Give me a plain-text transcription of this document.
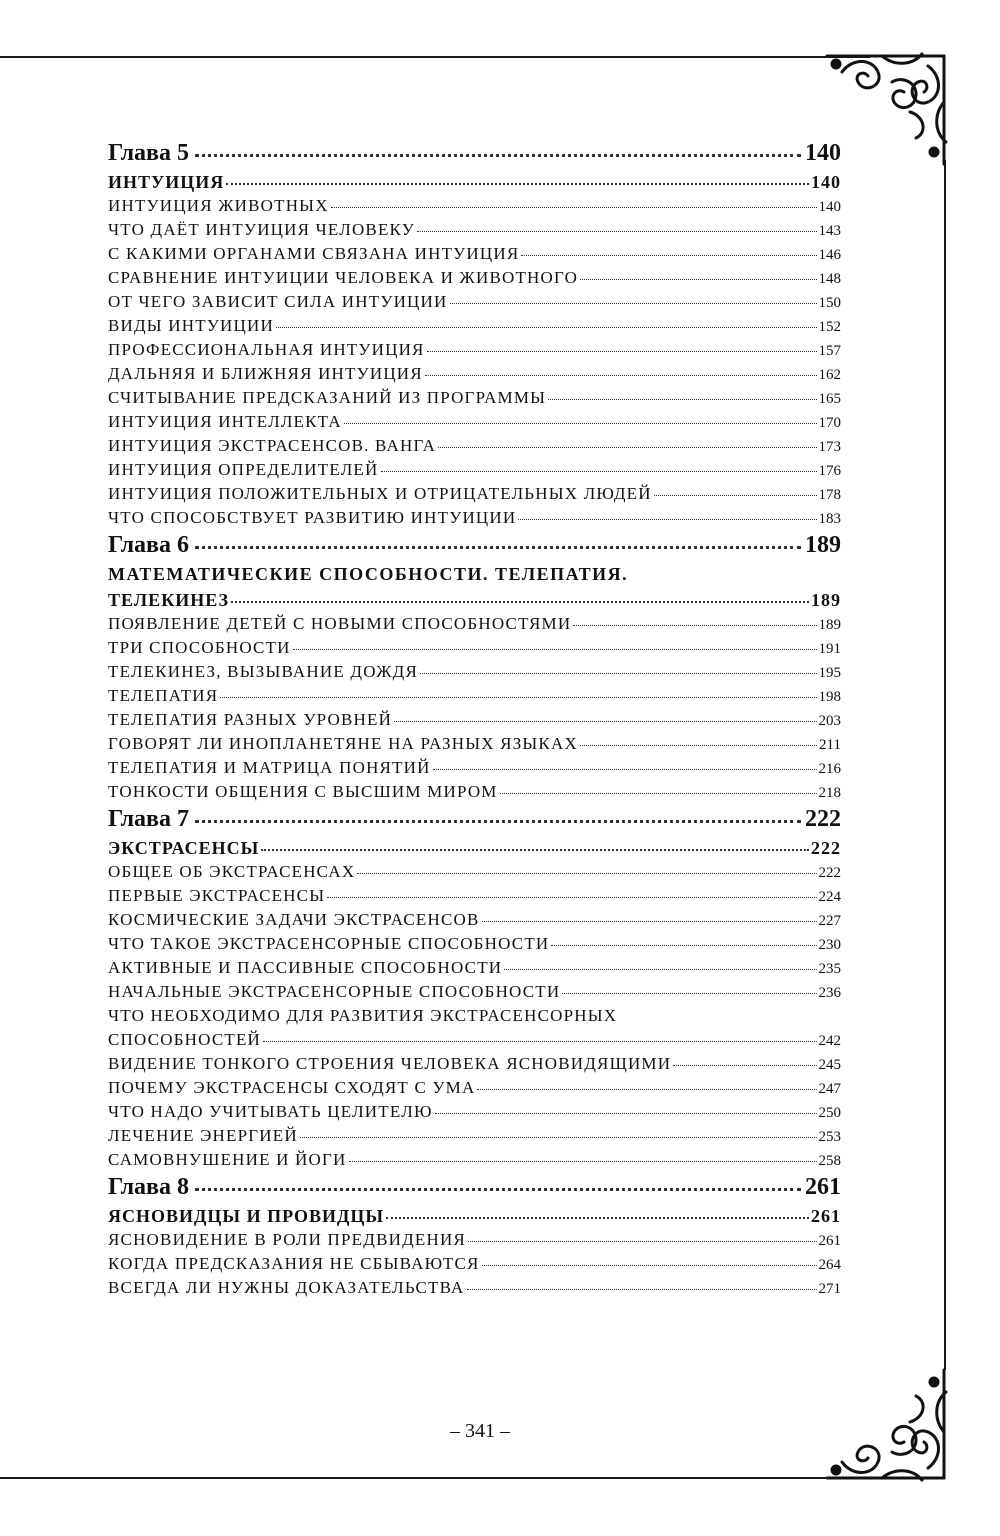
Глава 5	140
ИНТУИЦИЯ	140
ИНТУИЦИЯ ЖИВОТНЫХ	140
ЧТО ДАЁТ ИНТУИЦИЯ ЧЕЛОВЕКУ	143
С КАКИМИ ОРГАНАМИ СВЯЗАНА ИНТУИЦИЯ	146
СРАВНЕНИЕ ИНТУИЦИИ ЧЕЛОВЕКА И ЖИВОТНОГО	148
ОТ ЧЕГО ЗАВИСИТ СИЛА ИНТУИЦИИ	150
ВИДЫ ИНТУИЦИИ	152
ПРОФЕССИОНАЛЬНАЯ ИНТУИЦИЯ	157
ДАЛЬНЯЯ И БЛИЖНЯЯ ИНТУИЦИЯ	162
СЧИТЫВАНИЕ ПРЕДСКАЗАНИЙ ИЗ ПРОГРАММЫ	165
ИНТУИЦИЯ ИНТЕЛЛЕКТА	170
ИНТУИЦИЯ ЭКСТРАСЕНСОВ. ВАНГА	173
ИНТУИЦИЯ ОПРЕДЕЛИТЕЛЕЙ	176
ИНТУИЦИЯ ПОЛОЖИТЕЛЬНЫХ И ОТРИЦАТЕЛЬНЫХ ЛЮДЕЙ	178
ЧТО СПОСОБСТВУЕТ РАЗВИТИЮ ИНТУИЦИИ	183
Глава 6	189
МАТЕМАТИЧЕСКИЕ СПОСОБНОСТИ. ТЕЛЕПАТИЯ.
ТЕЛЕКИНЕЗ	189
ПОЯВЛЕНИЕ ДЕТЕЙ С НОВЫМИ СПОСОБНОСТЯМИ	189
ТРИ СПОСОБНОСТИ	191
ТЕЛЕКИНЕЗ, ВЫЗЫВАНИЕ ДОЖДЯ	195
ТЕЛЕПАТИЯ	198
ТЕЛЕПАТИЯ РАЗНЫХ УРОВНЕЙ	203
ГОВОРЯТ ЛИ ИНОПЛАНЕТЯНЕ НА РАЗНЫХ ЯЗЫКАХ	211
ТЕЛЕПАТИЯ И МАТРИЦА ПОНЯТИЙ	216
ТОНКОСТИ ОБЩЕНИЯ С ВЫСШИМ МИРОМ	218
Глава 7	222
ЭКСТРАСЕНСЫ	222
ОБЩЕЕ ОБ ЭКСТРАСЕНСАХ	222
ПЕРВЫЕ ЭКСТРАСЕНСЫ	224
КОСМИЧЕСКИЕ ЗАДАЧИ ЭКСТРАСЕНСОВ	227
ЧТО ТАКОЕ ЭКСТРАСЕНСОРНЫЕ СПОСОБНОСТИ	230
АКТИВНЫЕ И ПАССИВНЫЕ СПОСОБНОСТИ	235
НАЧАЛЬНЫЕ ЭКСТРАСЕНСОРНЫЕ СПОСОБНОСТИ	236
ЧТО НЕОБХОДИМО ДЛЯ РАЗВИТИЯ ЭКСТРАСЕНСОРНЫХ
СПОСОБНОСТЕЙ	242
ВИДЕНИЕ ТОНКОГО СТРОЕНИЯ ЧЕЛОВЕКА ЯСНОВИДЯЩИМИ	245
ПОЧЕМУ ЭКСТРАСЕНСЫ СХОДЯТ С УМА	247
ЧТО НАДО УЧИТЫВАТЬ ЦЕЛИТЕЛЮ	250
ЛЕЧЕНИЕ ЭНЕРГИЕЙ	253
САМОВНУШЕНИЕ И ЙОГИ	258
Глава 8	261
ЯСНОВИДЦЫ И ПРОВИДЦЫ	261
ЯСНОВИДЕНИЕ В РОЛИ ПРЕДВИДЕНИЯ	261
КОГДА ПРЕДСКАЗАНИЯ НЕ СБЫВАЮТСЯ	264
ВСЕГДА ЛИ НУЖНЫ ДОКАЗАТЕЛЬСТВА	271
– 341 –
